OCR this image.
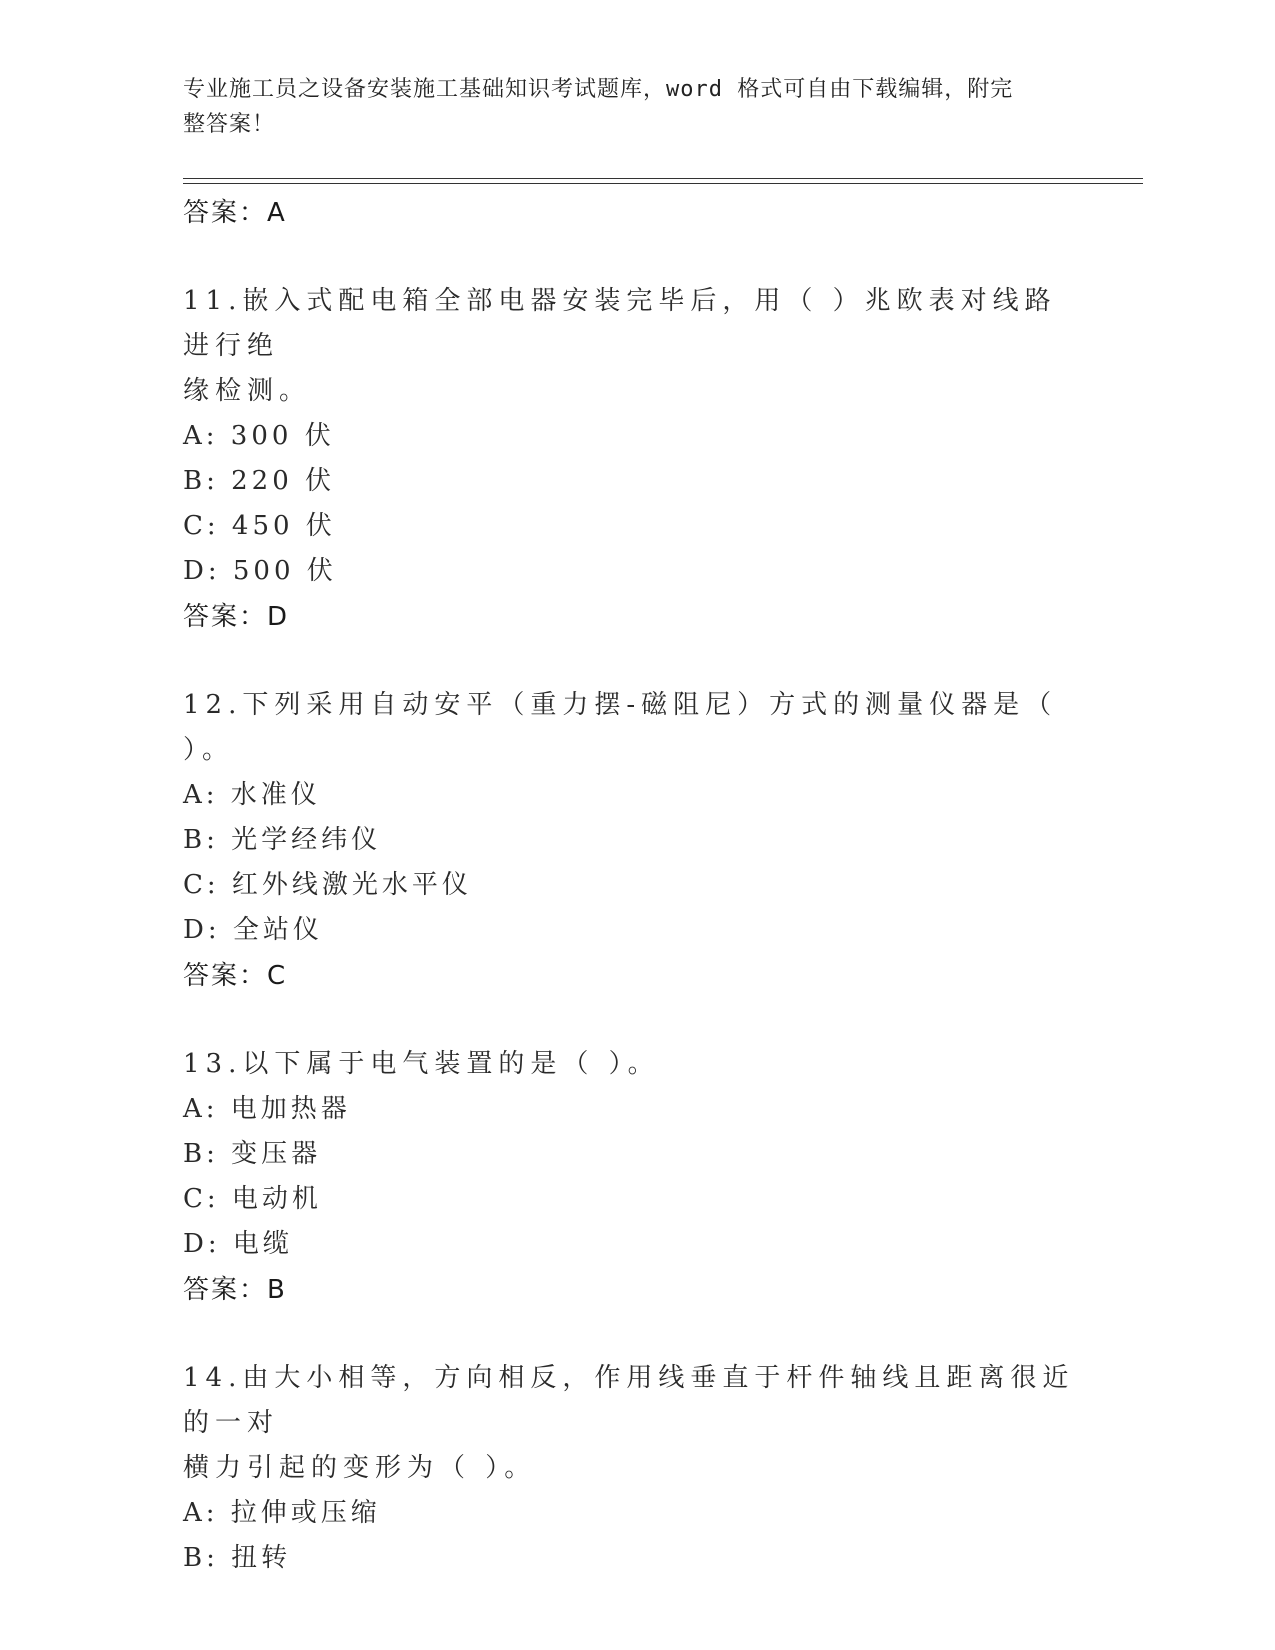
专业施工员之设备安装施工基础知识考试题库，word 格式可自由下载编辑，附完
整答案！
答案：A
11.嵌入式配电箱全部电器安装完毕后，用（ ）兆欧表对线路进行绝
缘检测。
A: 300 伏
B: 220 伏
C: 450 伏
D: 500 伏
答案：D
12.下列采用自动安平（重力摆-磁阻尼）方式的测量仪器是（ ）。
A: 水准仪
B: 光学经纬仪
C: 红外线激光水平仪
D: 全站仪
答案：C
13.以下属于电气装置的是（ ）。
A: 电加热器
B: 变压器
C: 电动机
D: 电缆
答案：B
14.由大小相等，方向相反，作用线垂直于杆件轴线且距离很近的一对
横力引起的变形为（ ）。
A: 拉伸或压缩
B: 扭转
